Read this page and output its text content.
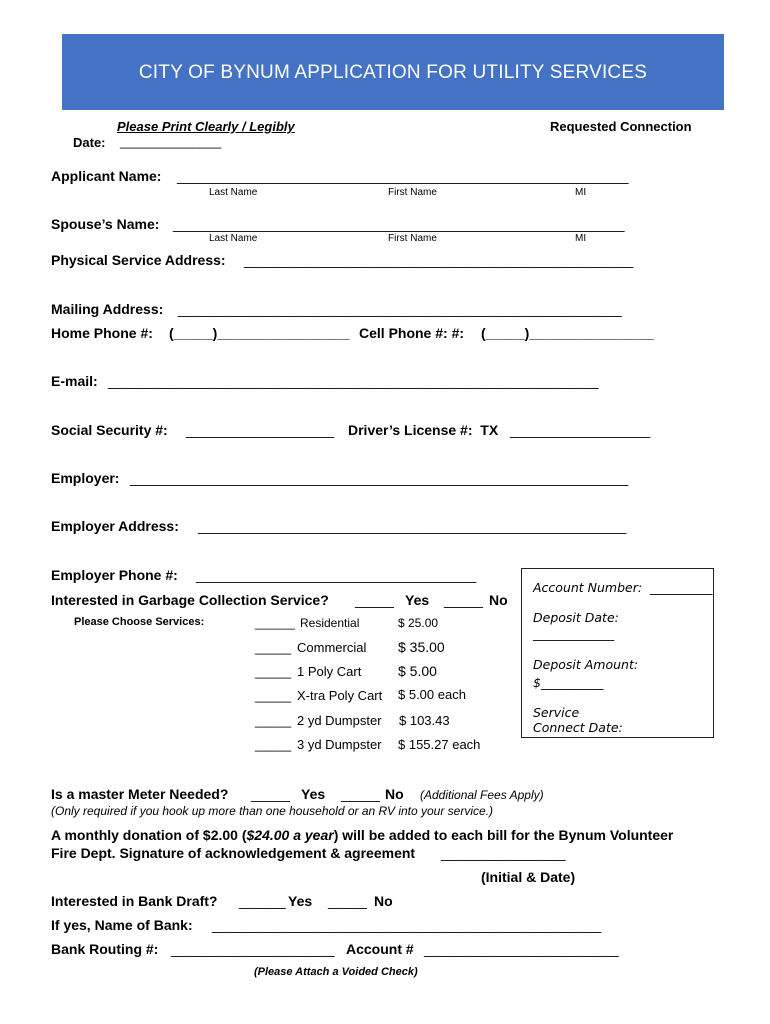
CITY OF BYNUM APPLICATION FOR UTILITY SERVICES
Please Print Clearly / Legibly	Requested Connection
Date: ______________
Applicant Name: __________________________________________________________
Last Name	First Name	MI
Spouse’s Name: __________________________________________________________
Last Name	First Name	MI
Physical Service Address: __________________________________________________
Mailing Address: _________________________________________________________
Home Phone #: (_____)_________________ Cell Phone #: #: (_____)________________
E-mail: _______________________________________________________________
Social Security #: ___________________ Driver’s License #:  TX __________________
Employer: ________________________________________________________________
Employer Address: _______________________________________________________
Employer Phone #: ____________________________________
Interested in Garbage Collection Service? _____ Yes _____ No
Please Choose Services:	______ Residential	$ 25.00
_____ Commercial $ 35.00
_____ 1 Poly Cart	$ 5.00
_____ X-tra Poly Cart $ 5.00 each
_____ 2 yd Dumpster $ 103.43
_____ 3 yd Dumpster $ 155.27 each
Account Number: __________
Deposit Date:
_____________
Deposit Amount:
$__________
Service
Connect Date:
Is a master Meter Needed? _____ Yes _____ No (Additional Fees Apply)
(Only required if you hook up more than one household or an RV into your service.)
A monthly donation of $2.00 ($24.00 a year) will be added to each bill for the Bynum Volunteer
Fire Dept. Signature of acknowledgement & agreement ________________
(Initial & Date)
Interested in Bank Draft? ______ Yes _____ No
If yes, Name of Bank: __________________________________________________
Bank Routing #: _____________________ Account # _________________________
(Please Attach a Voided Check)
